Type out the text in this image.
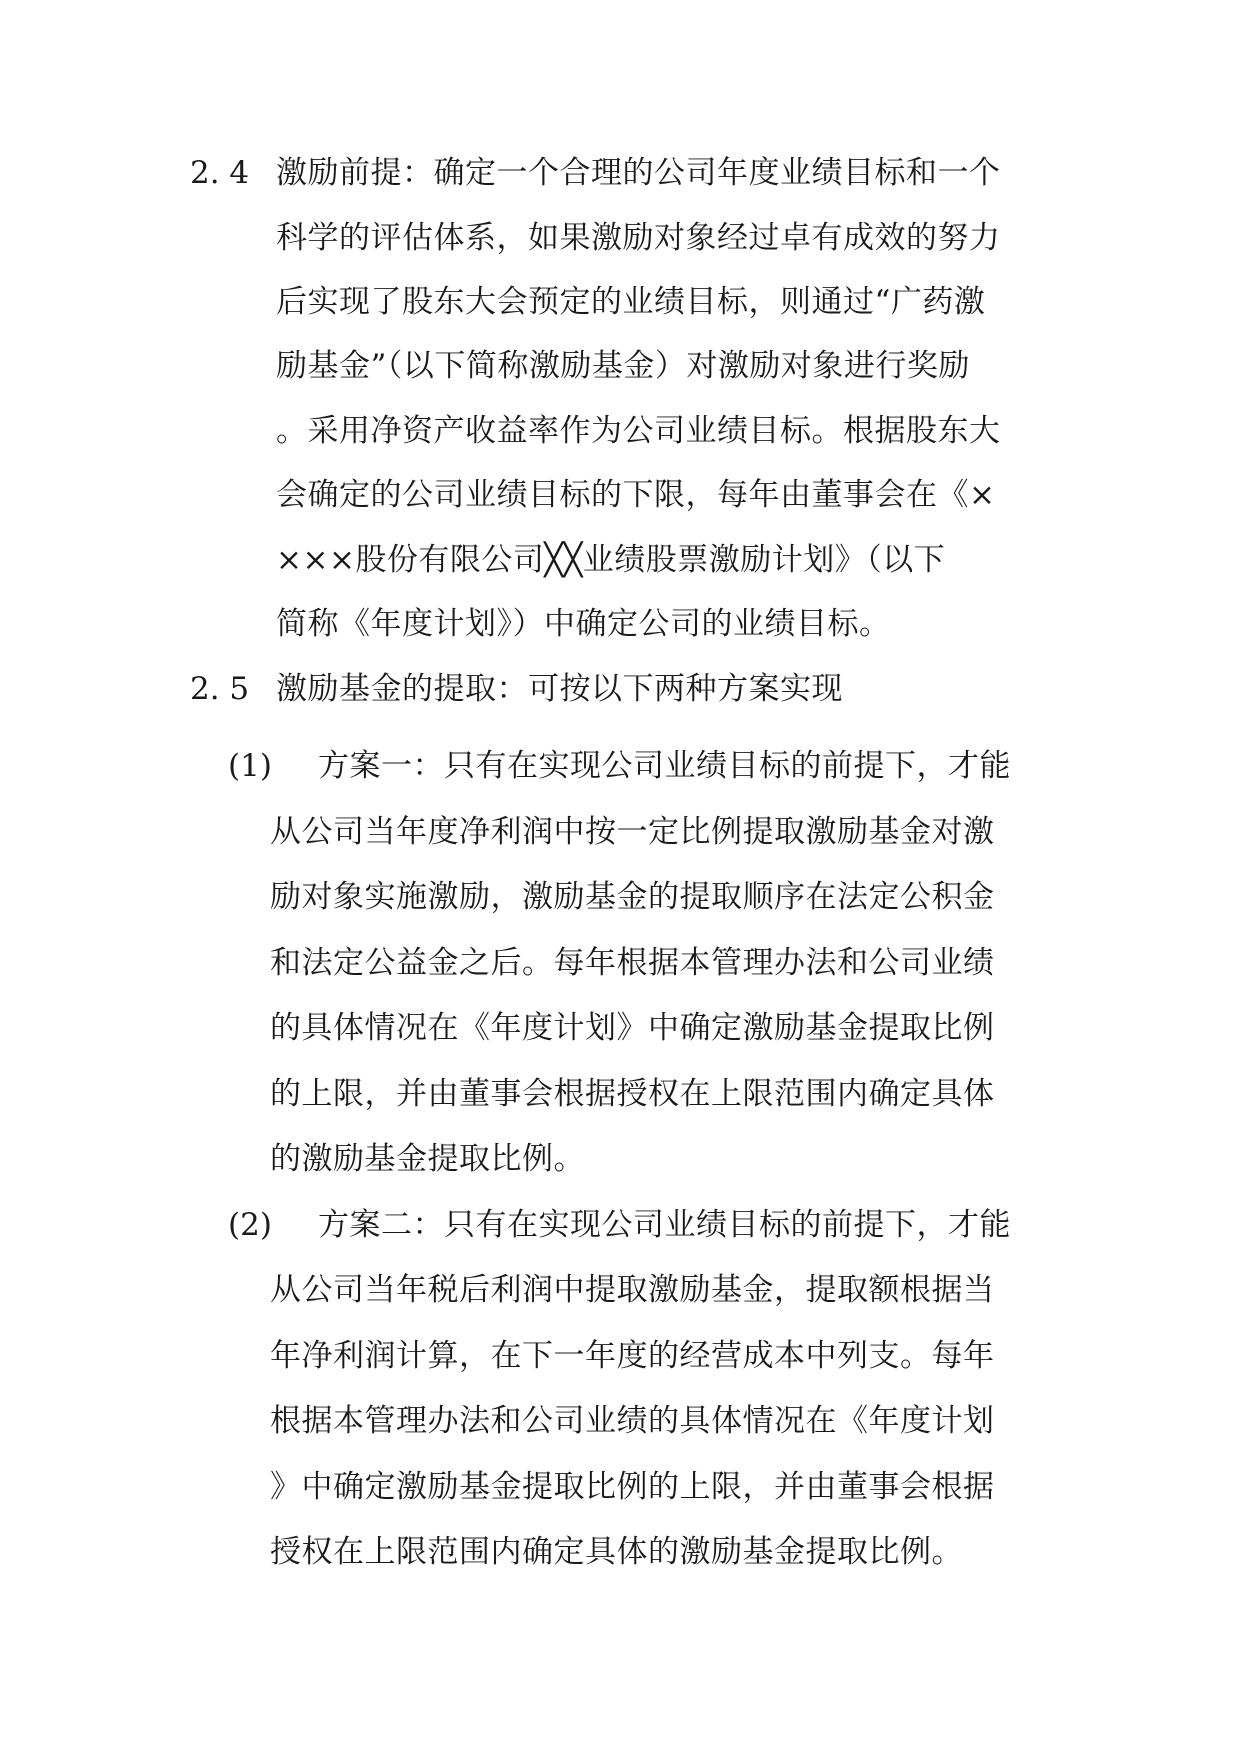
2. 4 激励前提：确定一个合理的公司年度业绩目标和一个
科学的评估体系，如果激励对象经过卓有成效的努力
后实现了股东大会预定的业绩目标，则通过“广药激
励基金”（以下简称激励基金）对激励对象进行奖励
。采用净资产收益率作为公司业绩目标。根据股东大
会确定的公司业绩目标的下限，每年由董事会在《×
×××股份有限公司╳╳业绩股票激励计划》（以下
简称《年度计划》）中确定公司的业绩目标。
2. 5 激励基金的提取：可按以下两种方案实现
(1) 方案一：只有在实现公司业绩目标的前提下，才能
从公司当年度净利润中按一定比例提取激励基金对激
励对象实施激励，激励基金的提取顺序在法定公积金
和法定公益金之后。每年根据本管理办法和公司业绩
的具体情况在《年度计划》中确定激励基金提取比例
的上限，并由董事会根据授权在上限范围内确定具体
的激励基金提取比例。
(2) 方案二：只有在实现公司业绩目标的前提下，才能
从公司当年税后利润中提取激励基金，提取额根据当
年净利润计算，在下一年度的经营成本中列支。每年
根据本管理办法和公司业绩的具体情况在《年度计划
》中确定激励基金提取比例的上限，并由董事会根据
授权在上限范围内确定具体的激励基金提取比例。
